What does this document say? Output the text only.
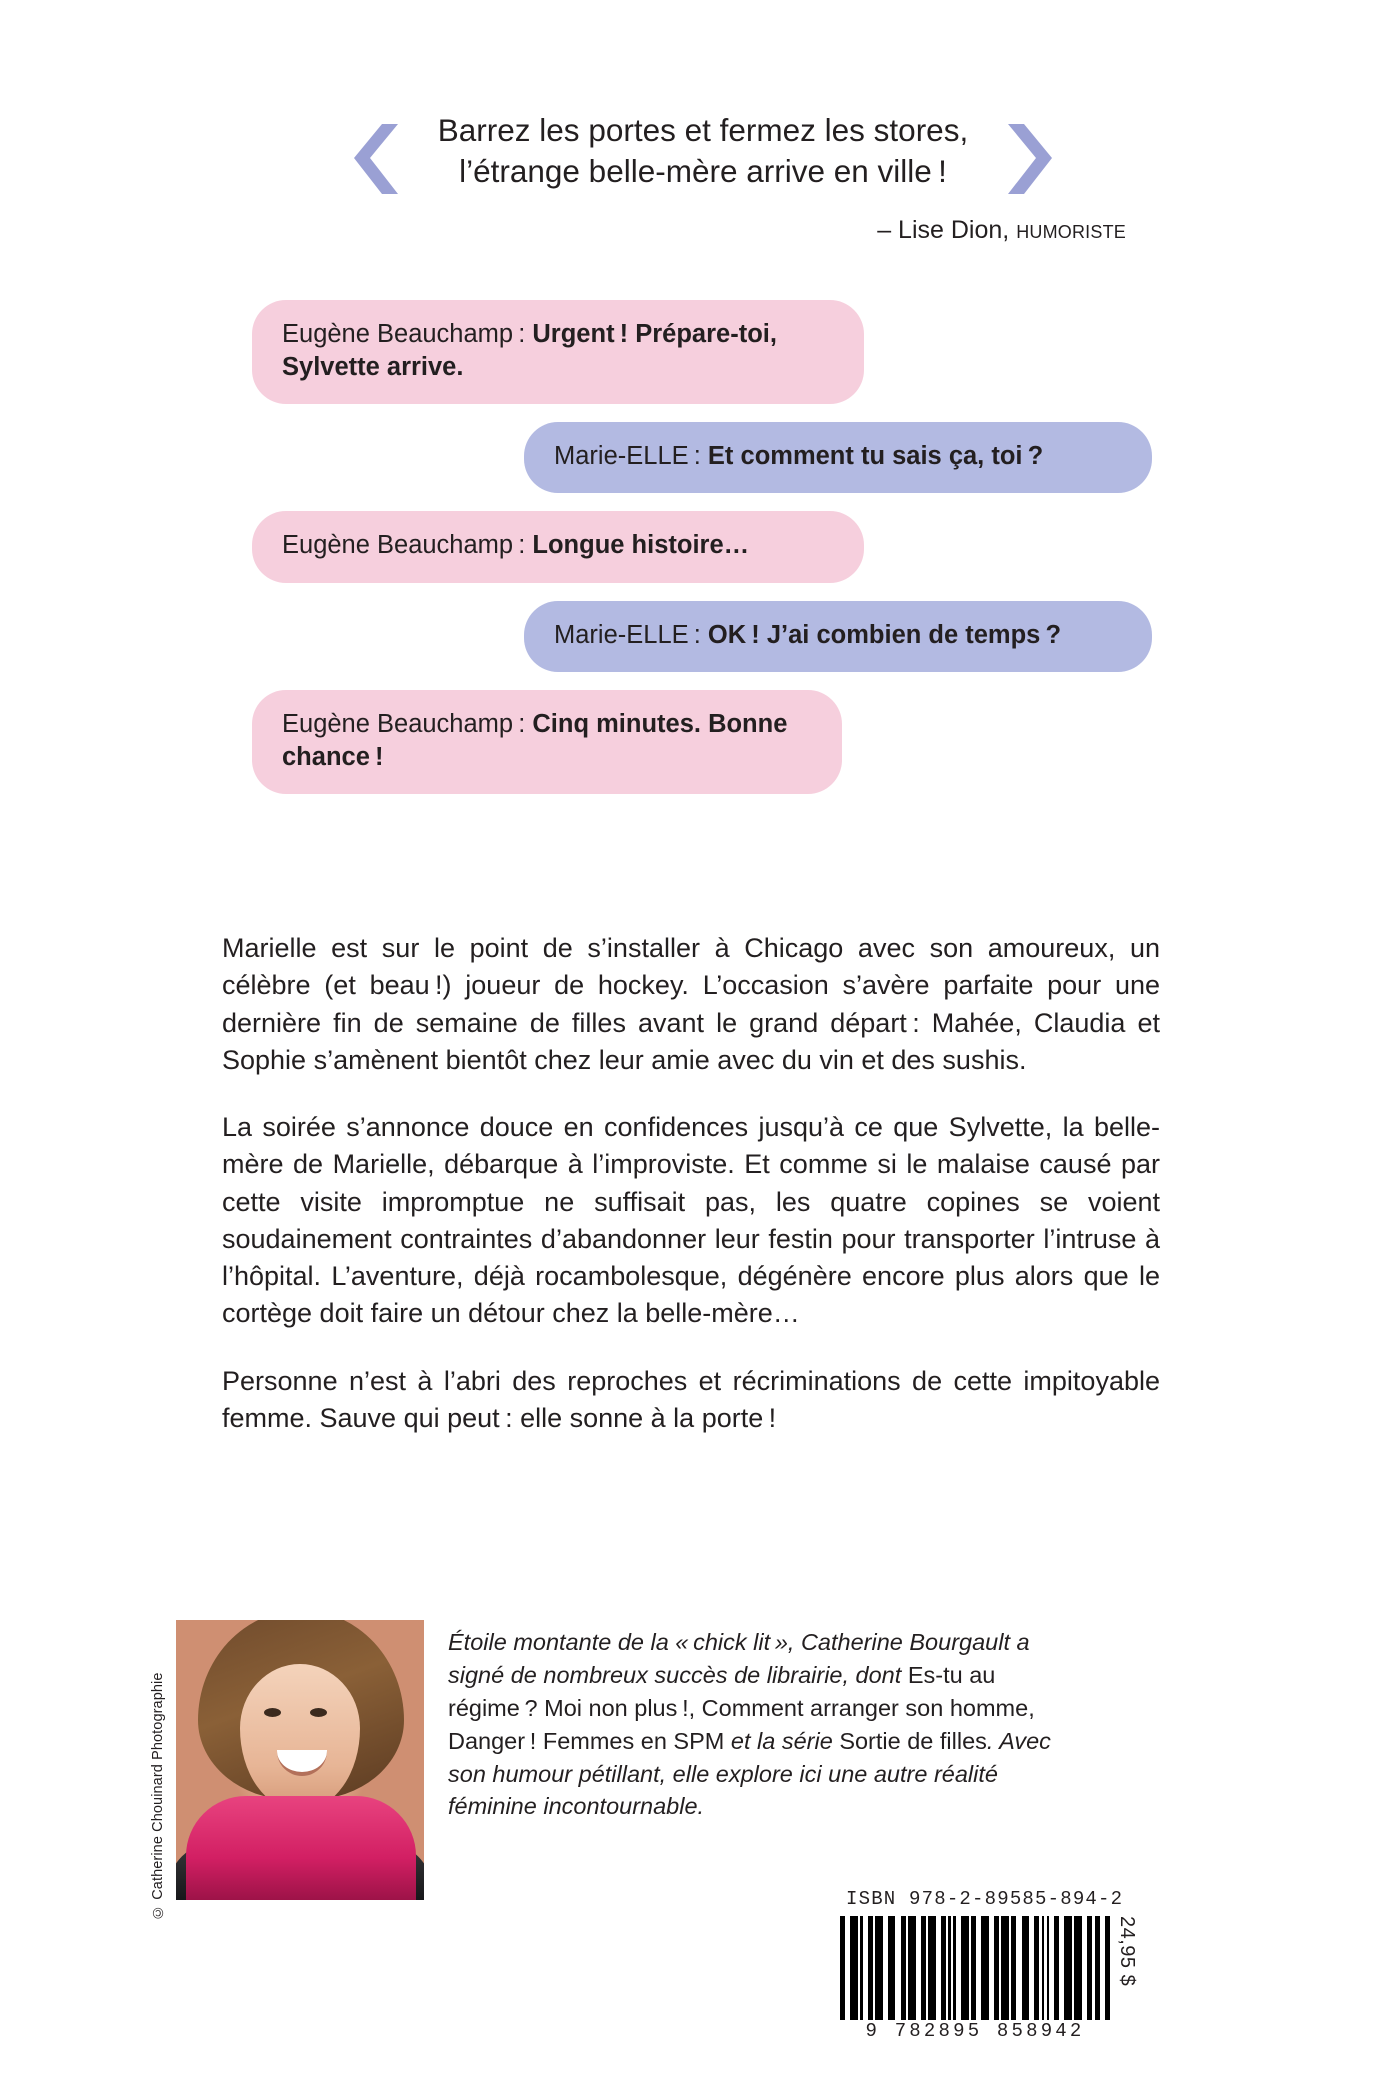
Barrez les portes et fermez les stores,
l’étrange belle-mère arrive en ville !
– Lise Dion, HUMORISTE
Eugène Beauchamp : Urgent ! Prépare-toi, Sylvette arrive.
Marie-ELLE : Et comment tu sais ça, toi ?
Eugène Beauchamp : Longue histoire…
Marie-ELLE : OK ! J’ai combien de temps ?
Eugène Beauchamp : Cinq minutes. Bonne chance !

Marielle est sur le point de s’installer à Chicago avec son amoureux, un célèbre (et beau !) joueur de hockey. L’occasion s’avère parfaite pour une dernière fin de semaine de filles avant le grand départ : Mahée, Claudia et Sophie s’amènent bientôt chez leur amie avec du vin et des sushis.

La soirée s’annonce douce en confidences jusqu’à ce que Sylvette, la belle-mère de Marielle, débarque à l’improviste. Et comme si le malaise causé par cette visite impromptue ne suffisait pas, les quatre copines se voient soudainement contraintes d’abandonner leur festin pour transporter l’intruse à l’hôpital. L’aventure, déjà rocambolesque, dégénère encore plus alors que le cortège doit faire un détour chez la belle-mère…

Personne n’est à l’abri des reproches et récriminations de cette impitoyable femme. Sauve qui peut : elle sonne à la porte !

© Catherine Chouinard Photographie
Étoile montante de la « chick lit », Catherine Bourgault a signé de nombreux succès de librairie, dont Es-tu au régime ? Moi non plus !, Comment arranger son homme, Danger ! Femmes en SPM et la série Sortie de filles. Avec son humour pétillant, elle explore ici une autre réalité féminine incontournable.
ISBN 978-2-89585-894-2
9 782895 858942
24,95 $
